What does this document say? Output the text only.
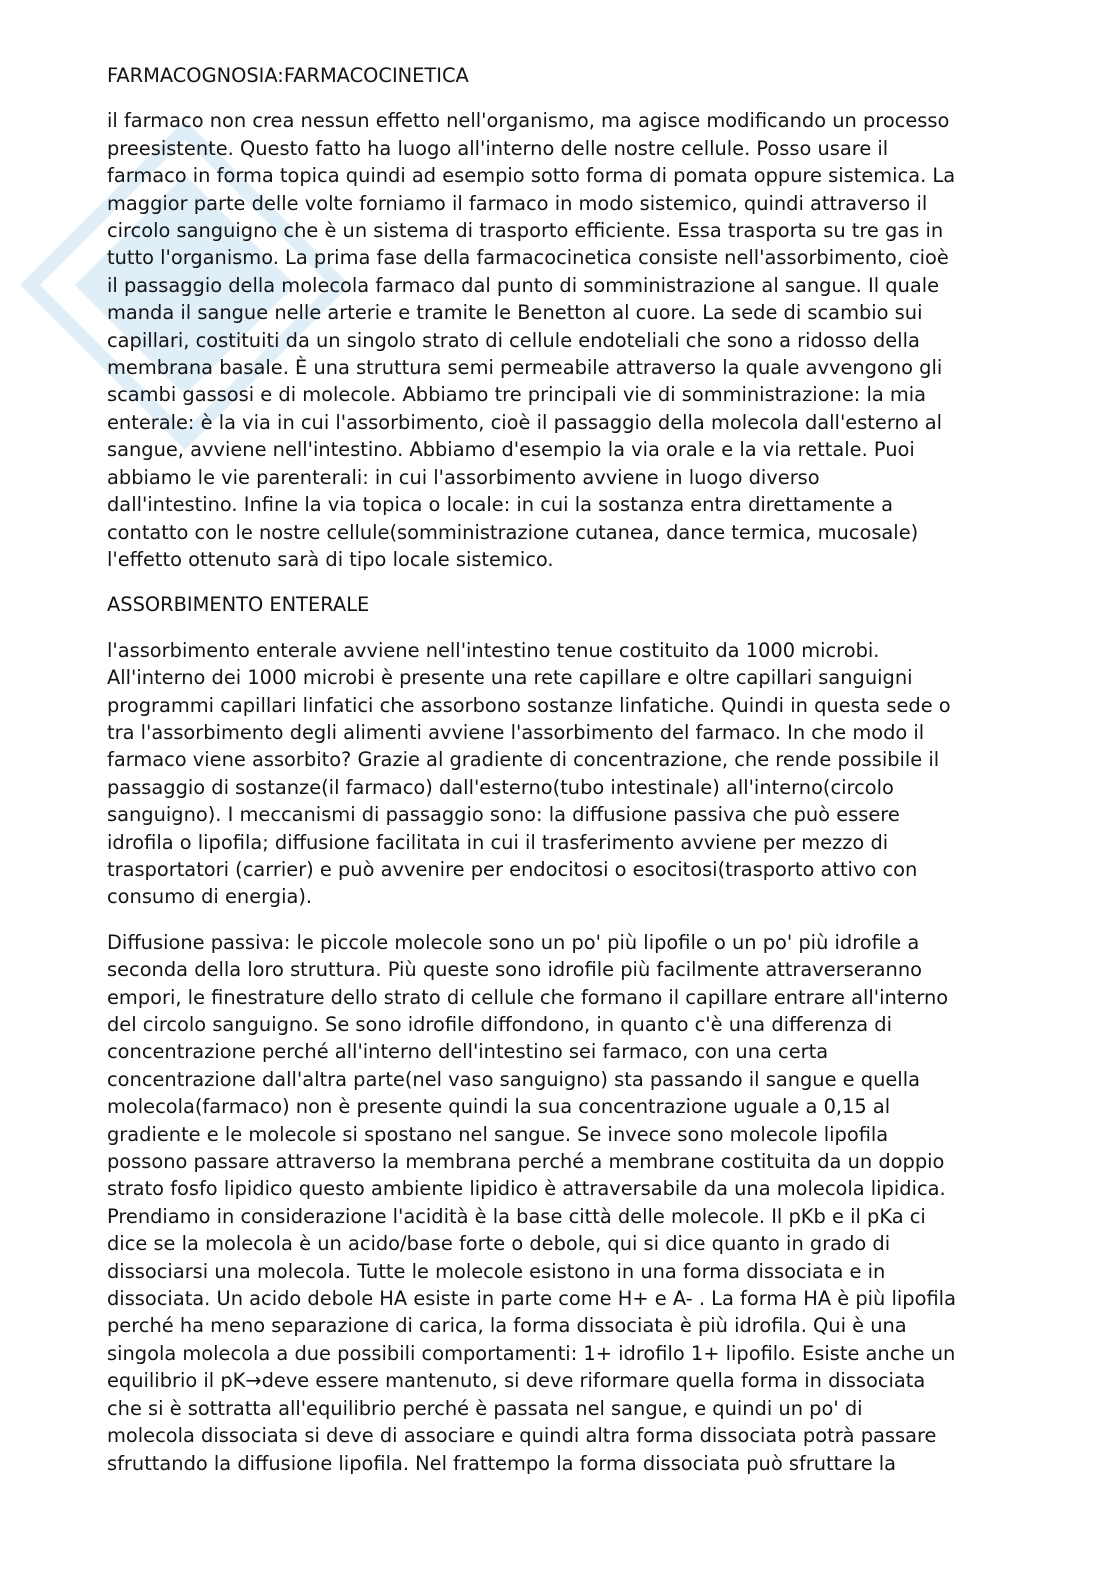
FARMACOGNOSIA:FARMACOCINETICA

il farmaco non crea nessun effetto nell'organismo, ma agisce modificando un processo
preesistente. Questo fatto ha luogo all'interno delle nostre cellule. Posso usare il
farmaco in forma topica quindi ad esempio sotto forma di pomata oppure sistemica. La
maggior parte delle volte forniamo il farmaco in modo sistemico, quindi attraverso il
circolo sanguigno che è un sistema di trasporto efficiente. Essa trasporta su tre gas in
tutto l'organismo. La prima fase della farmacocinetica consiste nell'assorbimento, cioè
il passaggio della molecola farmaco dal punto di somministrazione al sangue. Il quale
manda il sangue nelle arterie e tramite le Benetton al cuore. La sede di scambio sui
capillari, costituiti da un singolo strato di cellule endoteliali che sono a ridosso della
membrana basale. È una struttura semi permeabile attraverso la quale avvengono gli
scambi gassosi e di molecole. Abbiamo tre principali vie di somministrazione: la mia
enterale: è la via in cui l'assorbimento, cioè il passaggio della molecola dall'esterno al
sangue, avviene nell'intestino. Abbiamo d'esempio la via orale e la via rettale. Puoi
abbiamo le vie parenterali: in cui l'assorbimento avviene in luogo diverso
dall'intestino. Infine la via topica o locale: in cui la sostanza entra direttamente a
contatto con le nostre cellule(somministrazione cutanea, dance termica, mucosale)
l'effetto ottenuto sarà di tipo locale sistemico.

ASSORBIMENTO ENTERALE

l'assorbimento enterale avviene nell'intestino tenue costituito da 1000 microbi.
All'interno dei 1000 microbi è presente una rete capillare e oltre capillari sanguigni
programmi capillari linfatici che assorbono sostanze linfatiche. Quindi in questa sede o
tra l'assorbimento degli alimenti avviene l'assorbimento del farmaco. In che modo il
farmaco viene assorbito? Grazie al gradiente di concentrazione, che rende possibile il
passaggio di sostanze(il farmaco) dall'esterno(tubo intestinale) all'interno(circolo
sanguigno). I meccanismi di passaggio sono: la diffusione passiva che può essere
idrofila o lipofila; diffusione facilitata in cui il trasferimento avviene per mezzo di
trasportatori (carrier) e può avvenire per endocitosi o esocitosi(trasporto attivo con
consumo di energia).

Diffusione passiva: le piccole molecole sono un po' più lipofile o un po' più idrofile a
seconda della loro struttura. Più queste sono idrofile più facilmente attraverseranno
empori, le finestrature dello strato di cellule che formano il capillare entrare all'interno
del circolo sanguigno. Se sono idrofile diffondono, in quanto c'è una differenza di
concentrazione perché all'interno dell'intestino sei farmaco, con una certa
concentrazione dall'altra parte(nel vaso sanguigno) sta passando il sangue e quella
molecola(farmaco) non è presente quindi la sua concentrazione uguale a 0,15 al
gradiente e le molecole si spostano nel sangue. Se invece sono molecole lipofila
possono passare attraverso la membrana perché a membrane costituita da un doppio
strato fosfo lipidico questo ambiente lipidico è attraversabile da una molecola lipidica.
Prendiamo in considerazione l'acidità è la base città delle molecole. Il pKb e il pKa ci
dice se la molecola è un acido/base forte o debole, qui si dice quanto in grado di
dissociarsi una molecola. Tutte le molecole esistono in una forma dissociata e in
dissociata. Un acido debole HA esiste in parte come H+ e A- . La forma HA è più lipofila
perché ha meno separazione di carica, la forma dissociata è più idrofila. Qui è una
singola molecola a due possibili comportamenti: 1+ idrofilo 1+ lipofilo. Esiste anche un
equilibrio il pK→deve essere mantenuto, si deve riformare quella forma in dissociata
che si è sottratta all'equilibrio perché è passata nel sangue, e quindi un po' di
molecola dissociata si deve di associare e quindi altra forma dissociata potrà passare
sfruttando la diffusione lipofila. Nel frattempo la forma dissociata può sfruttare la
